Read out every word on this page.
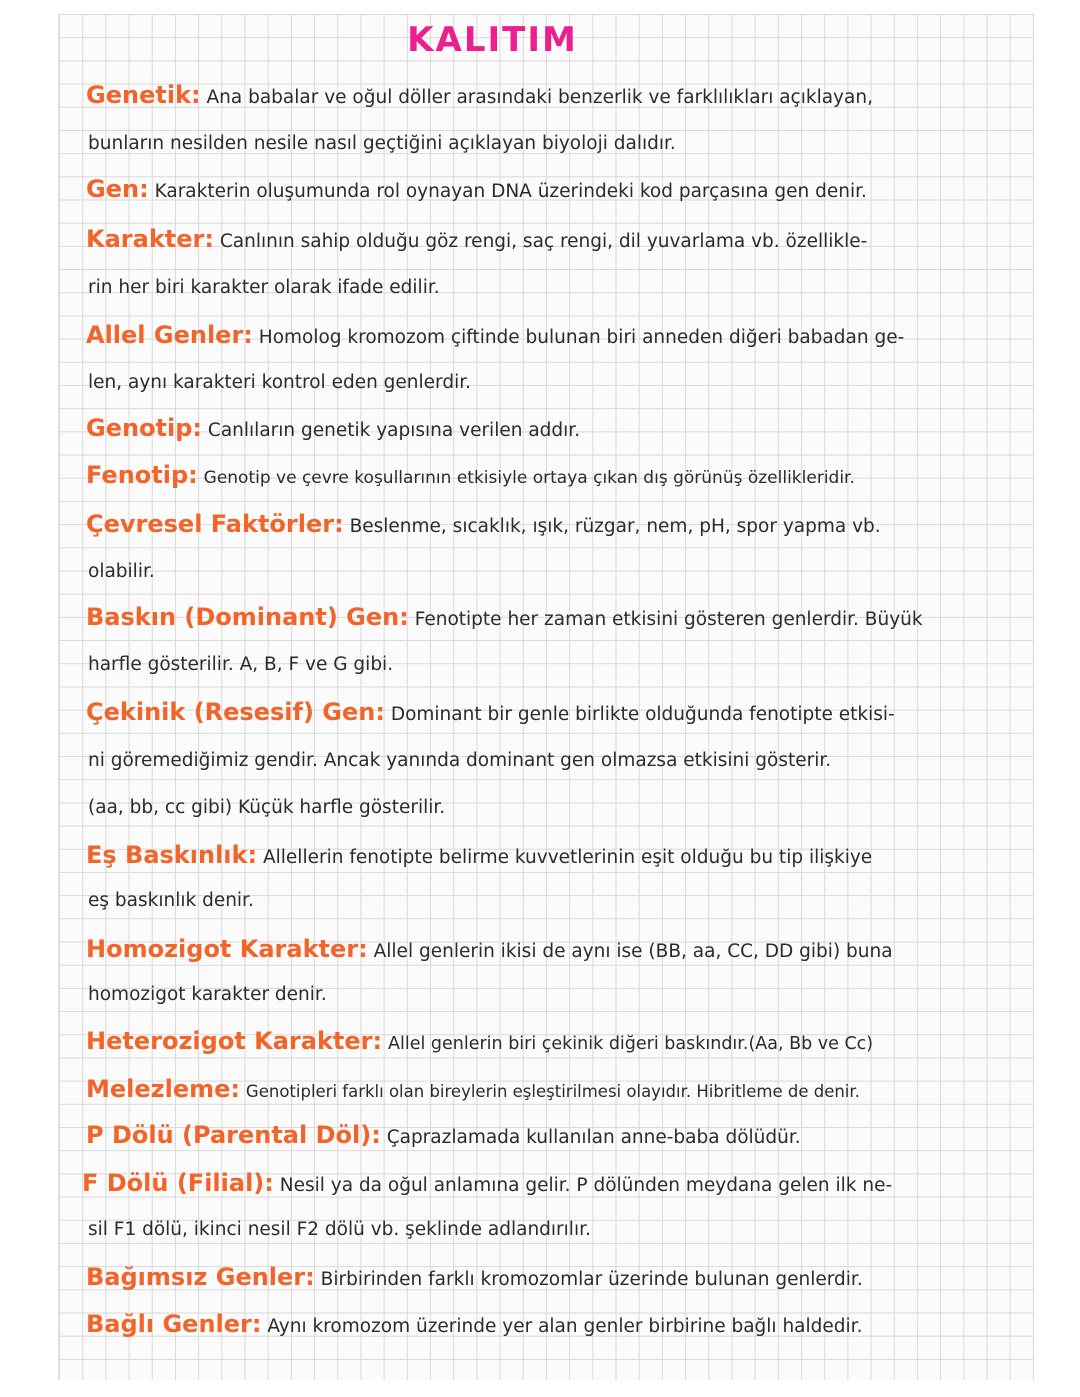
KALITIM
Genetik: Ana babalar ve oğul döller arasındaki benzerlik ve farklılıkları açıklayan,
bunların nesilden nesile nasıl geçtiğini açıklayan biyoloji dalıdır.
Gen: Karakterin oluşumunda rol oynayan DNA üzerindeki kod parçasına gen denir.
Karakter: Canlının sahip olduğu göz rengi, saç rengi, dil yuvarlama vb. özellikle-
rin her biri karakter olarak ifade edilir.
Allel Genler: Homolog kromozom çiftinde bulunan biri anneden diğeri babadan ge-
len, aynı karakteri kontrol eden genlerdir.
Genotip: Canlıların genetik yapısına verilen addır.
Fenotip: Genotip ve çevre koşullarının etkisiyle ortaya çıkan dış görünüş özellikleridir.
Çevresel Faktörler: Beslenme, sıcaklık, ışık, rüzgar, nem, pH, spor yapma vb.
olabilir.
Baskın (Dominant) Gen: Fenotipte her zaman etkisini gösteren genlerdir. Büyük
harfle gösterilir. A, B, F ve G gibi.
Çekinik (Resesif) Gen: Dominant bir genle birlikte olduğunda fenotipte etkisi-
ni göremediğimiz gendir. Ancak yanında dominant gen olmazsa etkisini gösterir.
(aa, bb, cc gibi) Küçük harfle gösterilir.
Eş Baskınlık: Allellerin fenotipte belirme kuvvetlerinin eşit olduğu bu tip ilişkiye
eş baskınlık denir.
Homozigot Karakter: Allel genlerin ikisi de aynı ise (BB, aa, CC, DD gibi) buna
homozigot karakter denir.
Heterozigot Karakter: Allel genlerin biri çekinik diğeri baskındır.(Aa, Bb ve Cc)
Melezleme: Genotipleri farklı olan bireylerin eşleştirilmesi olayıdır. Hibritleme de denir.
P Dölü (Parental Döl): Çaprazlamada kullanılan anne-baba dölüdür.
F Dölü (Filial): Nesil ya da oğul anlamına gelir. P dölünden meydana gelen ilk ne-
sil F1 dölü, ikinci nesil F2 dölü vb. şeklinde adlandırılır.
Bağımsız Genler: Birbirinden farklı kromozomlar üzerinde bulunan genlerdir.
Bağlı Genler: Aynı kromozom üzerinde yer alan genler birbirine bağlı haldedir.
